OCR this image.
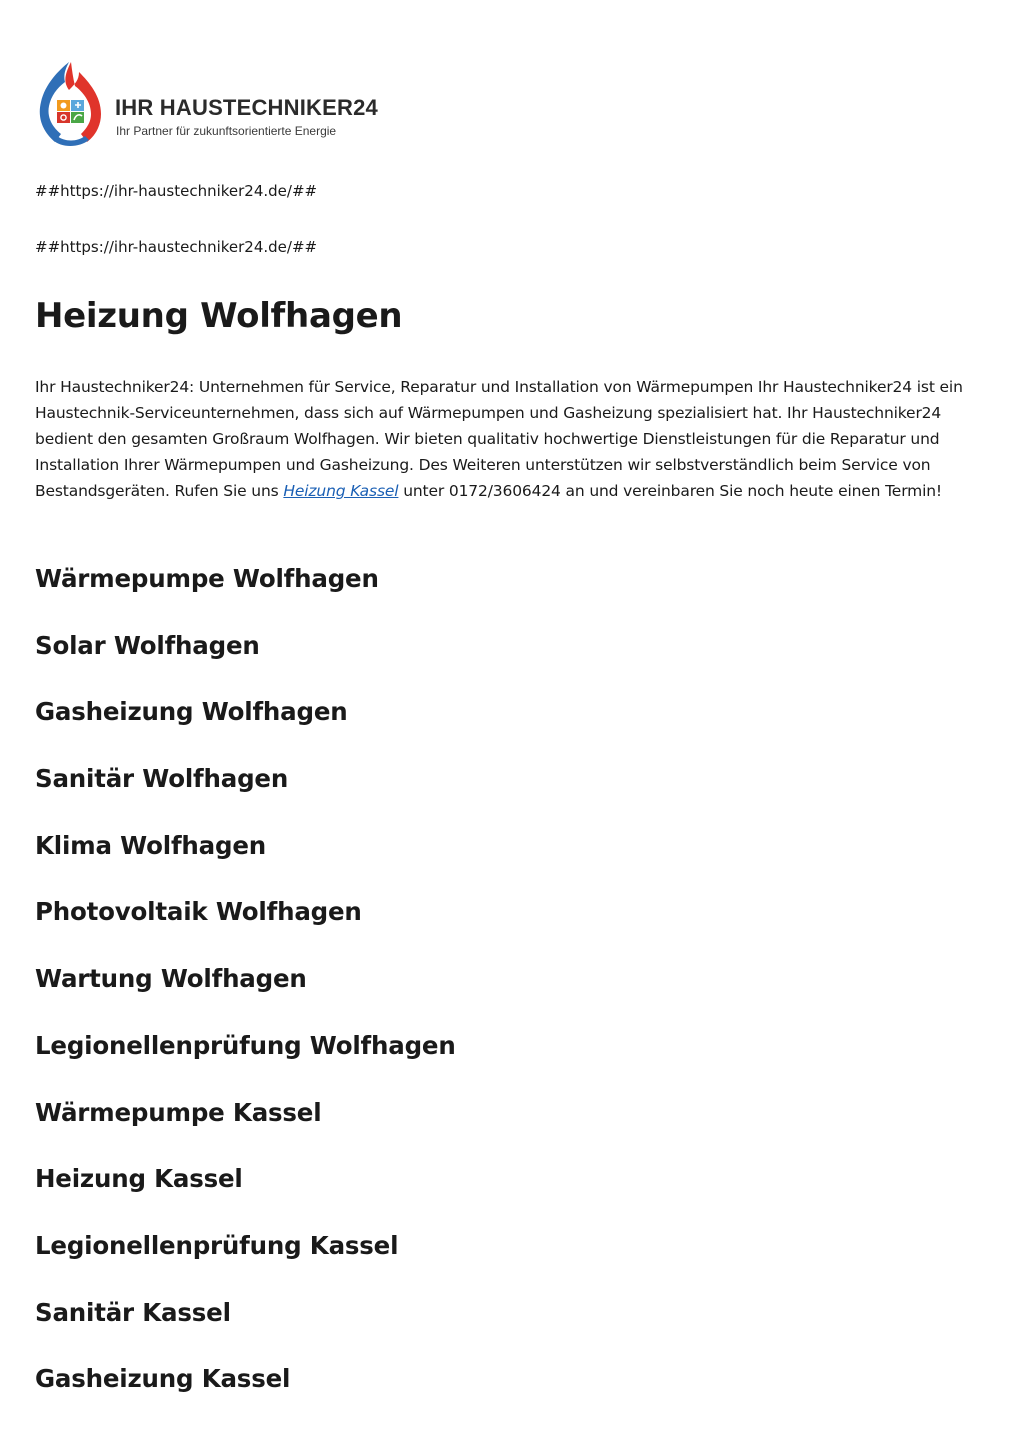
IHR HAUSTECHNIKER24
Ihr Partner für zukunftsorientierte Energie
##https://ihr-haustechniker24.de/##
##https://ihr-haustechniker24.de/##
Heizung Wolfhagen

Ihr Haustechniker24: Unternehmen für Service, Reparatur und Installation von Wärmepumpen Ihr Haustechniker24 ist ein Haustechnik-Serviceunternehmen, dass sich auf Wärmepumpen und Gasheizung spezialisiert hat. Ihr Haustechniker24 bedient den gesamten Großraum Wolfhagen. Wir bieten qualitativ hochwertige Dienstleistungen für die Reparatur und Installation Ihrer Wärmepumpen und Gasheizung. Des Weiteren unterstützen wir selbstverständlich beim Service von Bestandsgeräten. Rufen Sie uns Heizung Kassel unter 0172/3606424 an und vereinbaren Sie noch heute einen Termin!

Wärmepumpe Wolfhagen
Solar Wolfhagen
Gasheizung Wolfhagen
Sanitär Wolfhagen
Klima Wolfhagen
Photovoltaik Wolfhagen
Wartung Wolfhagen
Legionellenprüfung Wolfhagen
Wärmepumpe Kassel
Heizung Kassel
Legionellenprüfung Kassel
Sanitär Kassel
Gasheizung Kassel
